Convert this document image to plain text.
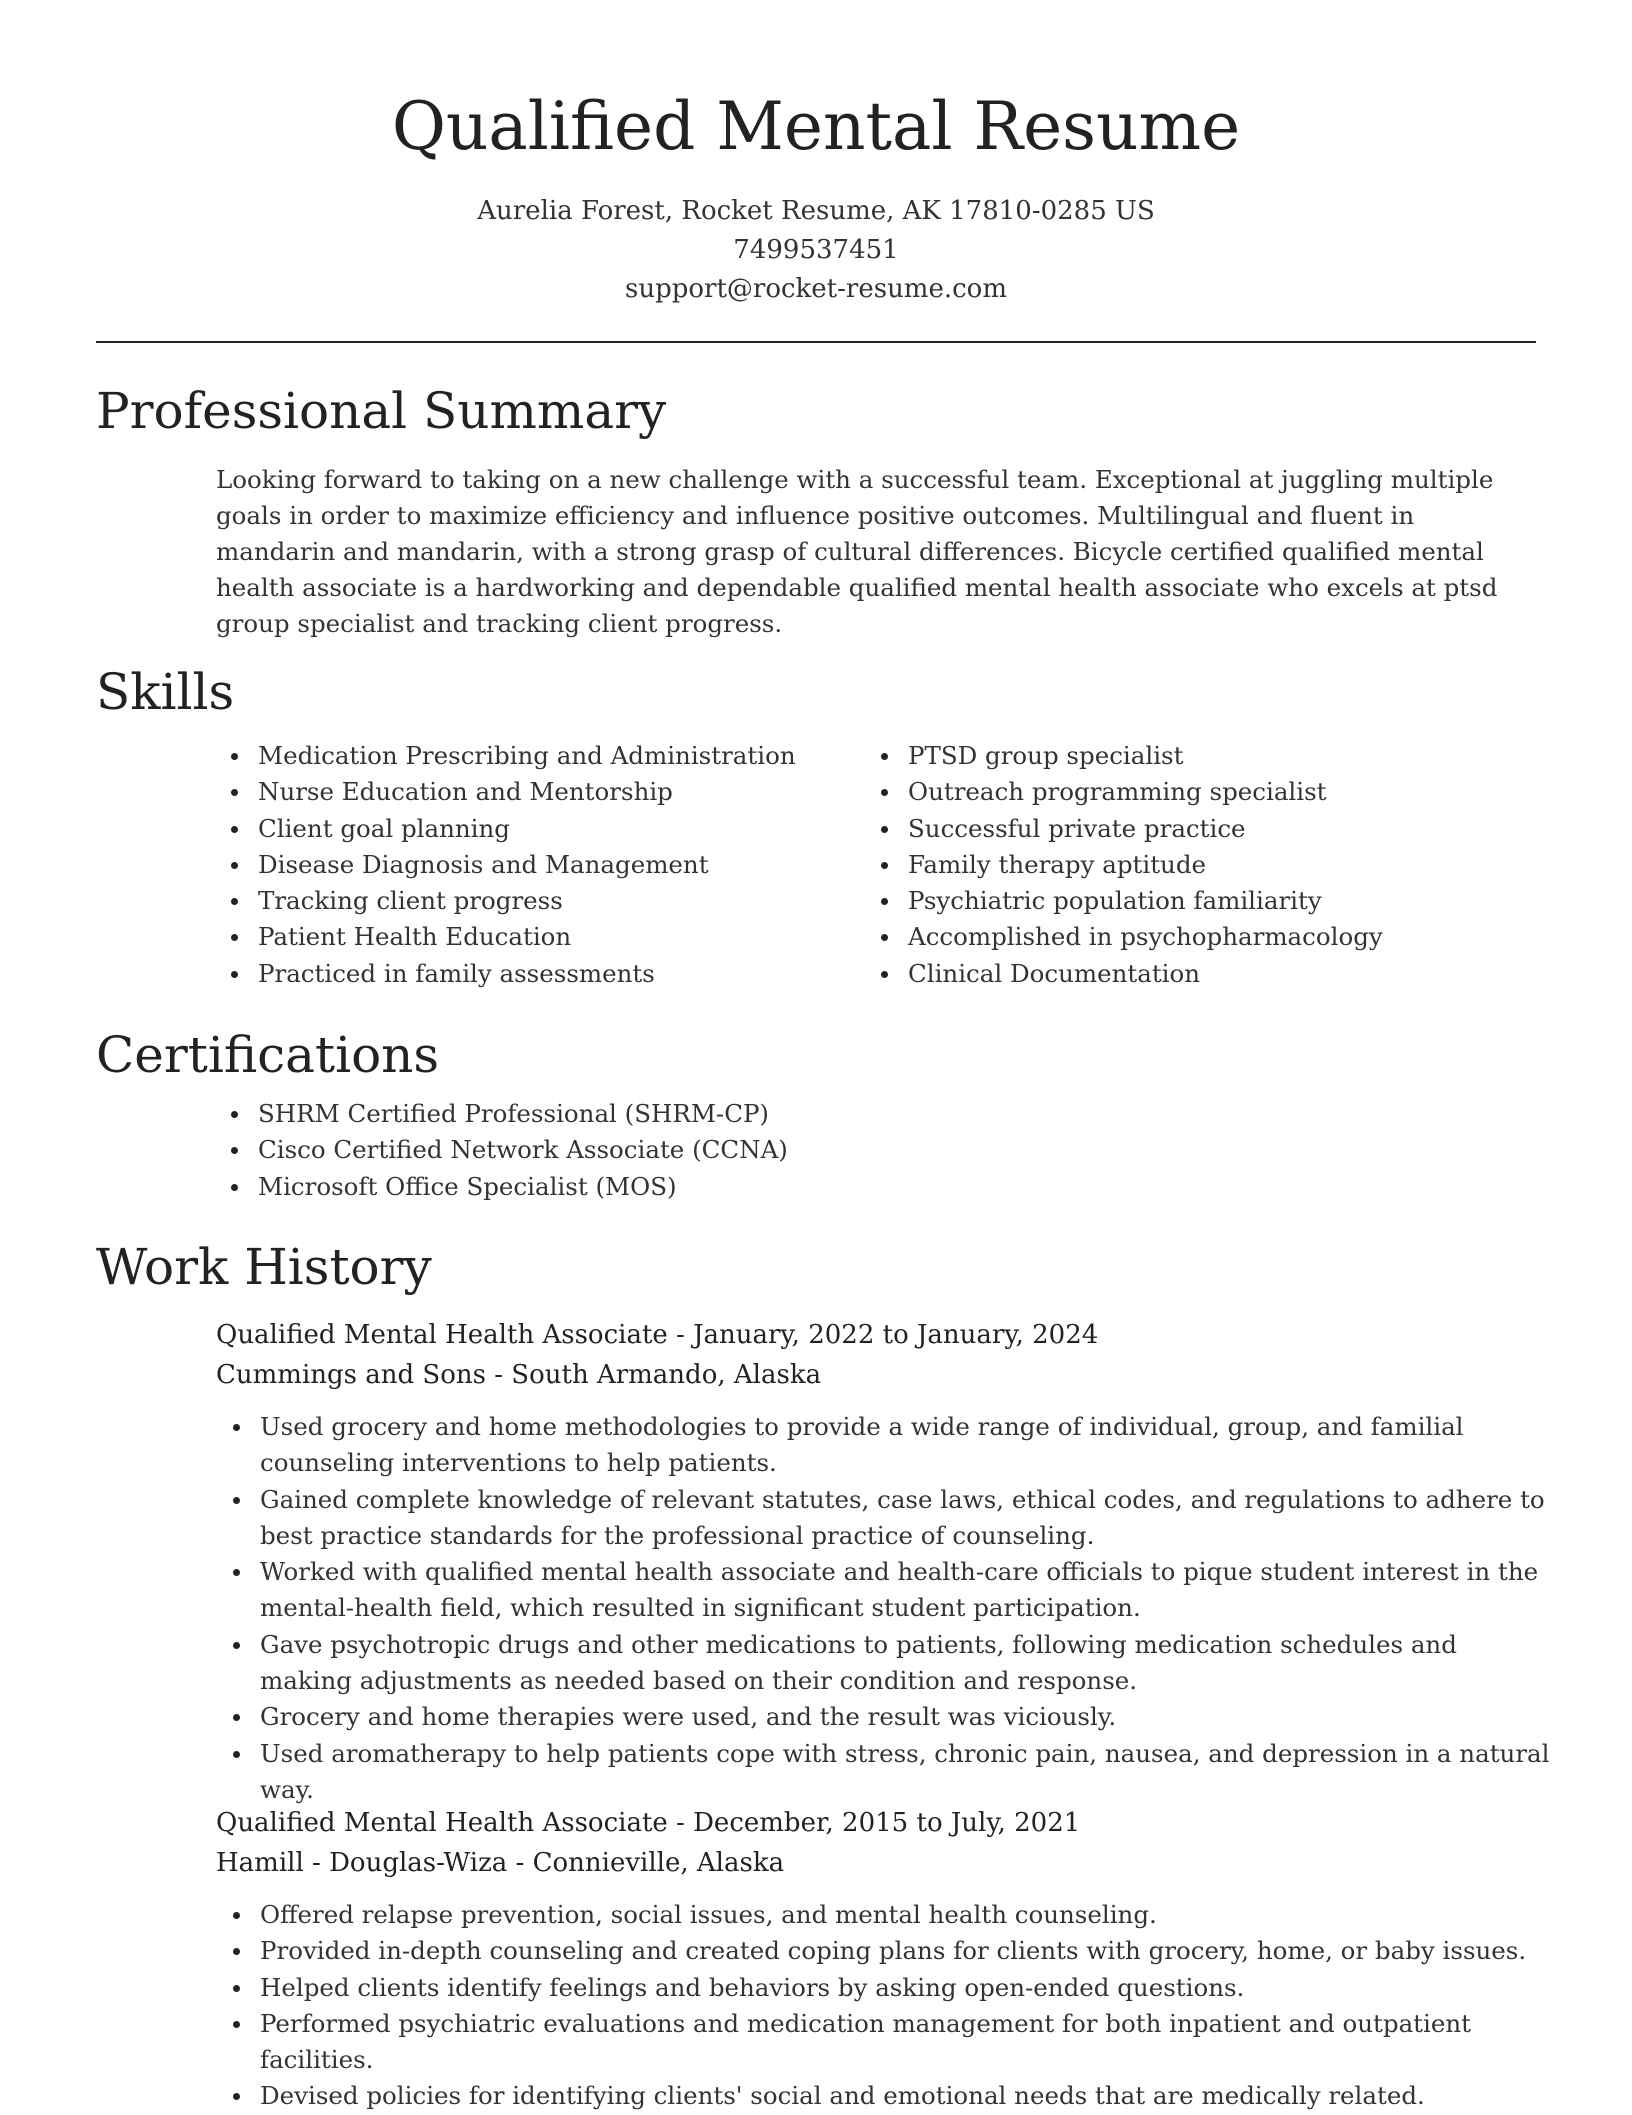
Qualified Mental Resume
Aurelia Forest, Rocket Resume, AK 17810-0285 US
7499537451
support@rocket-resume.com
Professional Summary

Looking forward to taking on a new challenge with a successful team. Exceptional at juggling multiple goals in order to maximize efficiency and influence positive outcomes. Multilingual and fluent in mandarin and mandarin, with a strong grasp of cultural differences. Bicycle certified qualified mental health associate is a hardworking and dependable qualified mental health associate who excels at ptsd group specialist and tracking client progress.

Skills
Medication Prescribing and Administration
Nurse Education and Mentorship
Client goal planning
Disease Diagnosis and Management
Tracking client progress
Patient Health Education
Practiced in family assessments
PTSD group specialist
Outreach programming specialist
Successful private practice
Family therapy aptitude
Psychiatric population familiarity
Accomplished in psychopharmacology
Clinical Documentation
Certifications
SHRM Certified Professional (SHRM-CP)
Cisco Certified Network Associate (CCNA)
Microsoft Office Specialist (MOS)
Work History
Qualified Mental Health Associate - January, 2022 to January, 2024
Cummings and Sons - South Armando, Alaska
Used grocery and home methodologies to provide a wide range of individual, group, and familial counseling interventions to help patients.
Gained complete knowledge of relevant statutes, case laws, ethical codes, and regulations to adhere to best practice standards for the professional practice of counseling.
Worked with qualified mental health associate and health-care officials to pique student interest in the mental-health field, which resulted in significant student participation.
Gave psychotropic drugs and other medications to patients, following medication schedules and making adjustments as needed based on their condition and response.
Grocery and home therapies were used, and the result was viciously.
Used aromatherapy to help patients cope with stress, chronic pain, nausea, and depression in a natural way.
Qualified Mental Health Associate - December, 2015 to July, 2021
Hamill - Douglas-Wiza - Connieville, Alaska
Offered relapse prevention, social issues, and mental health counseling.
Provided in-depth counseling and created coping plans for clients with grocery, home, or baby issues.
Helped clients identify feelings and behaviors by asking open-ended questions.
Performed psychiatric evaluations and medication management for both inpatient and outpatient facilities.
Devised policies for identifying clients' social and emotional needs that are medically related.
